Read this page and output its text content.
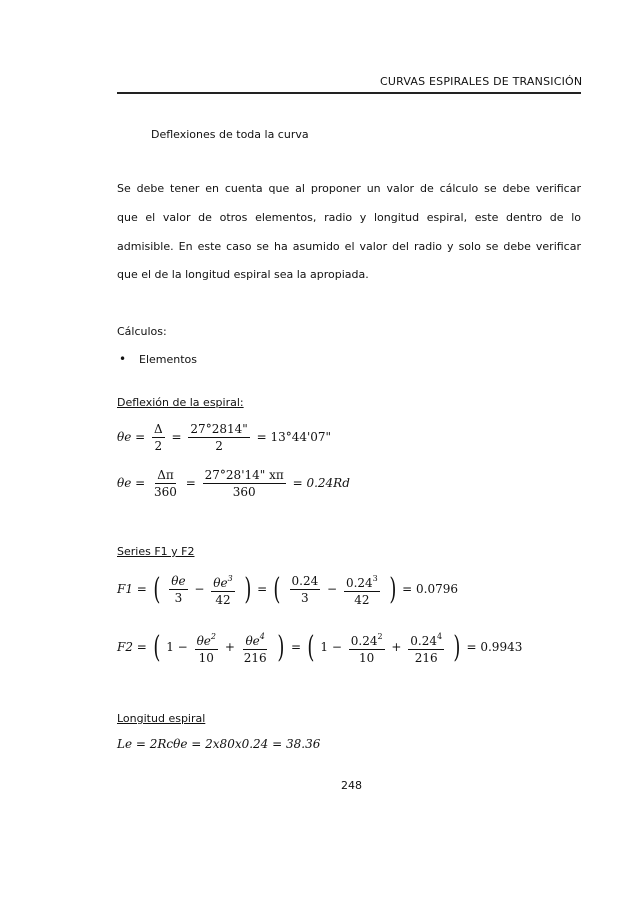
CURVAS ESPIRALES DE TRANSICIÓN
Deflexiones de toda la curva
Se debe tener en cuenta que al proponer un valor de cálculo se debe verificar
que el valor de otros elementos, radio y longitud espiral, este dentro de lo
admisible. En este caso se ha asumido el valor del radio y solo se debe verificar
que el de la longitud espiral sea la apropiada.
Cálculos:
• Elementos
Deflexión de la espiral:
$\theta e = \frac{\Delta}{2} = \frac{27^\circ 2814"}{2} = 13^\circ 44'07$"
$\theta e = \frac{\Delta\pi}{360} = \frac{27^\circ 28'14" x\pi}{360} = 0.24Rd$
Series F1 y F2
F1 = ( $\frac{\theta e}{3} - \frac{\theta e^3}{42}$ ) = ( $\frac{0.24}{3} - \frac{0.24^3}{42}$ ) = 0.0796
F2 = ( $1 - \frac{\theta e^2}{10} + \frac{\theta e^4}{216}$ ) = ( $1 - \frac{0.24^2}{10} + \frac{0.24^4}{216}$ ) = 0.9943
Longitud espiral
Le = 2Rcθe = 2x80x0.24 = 38.36
248
